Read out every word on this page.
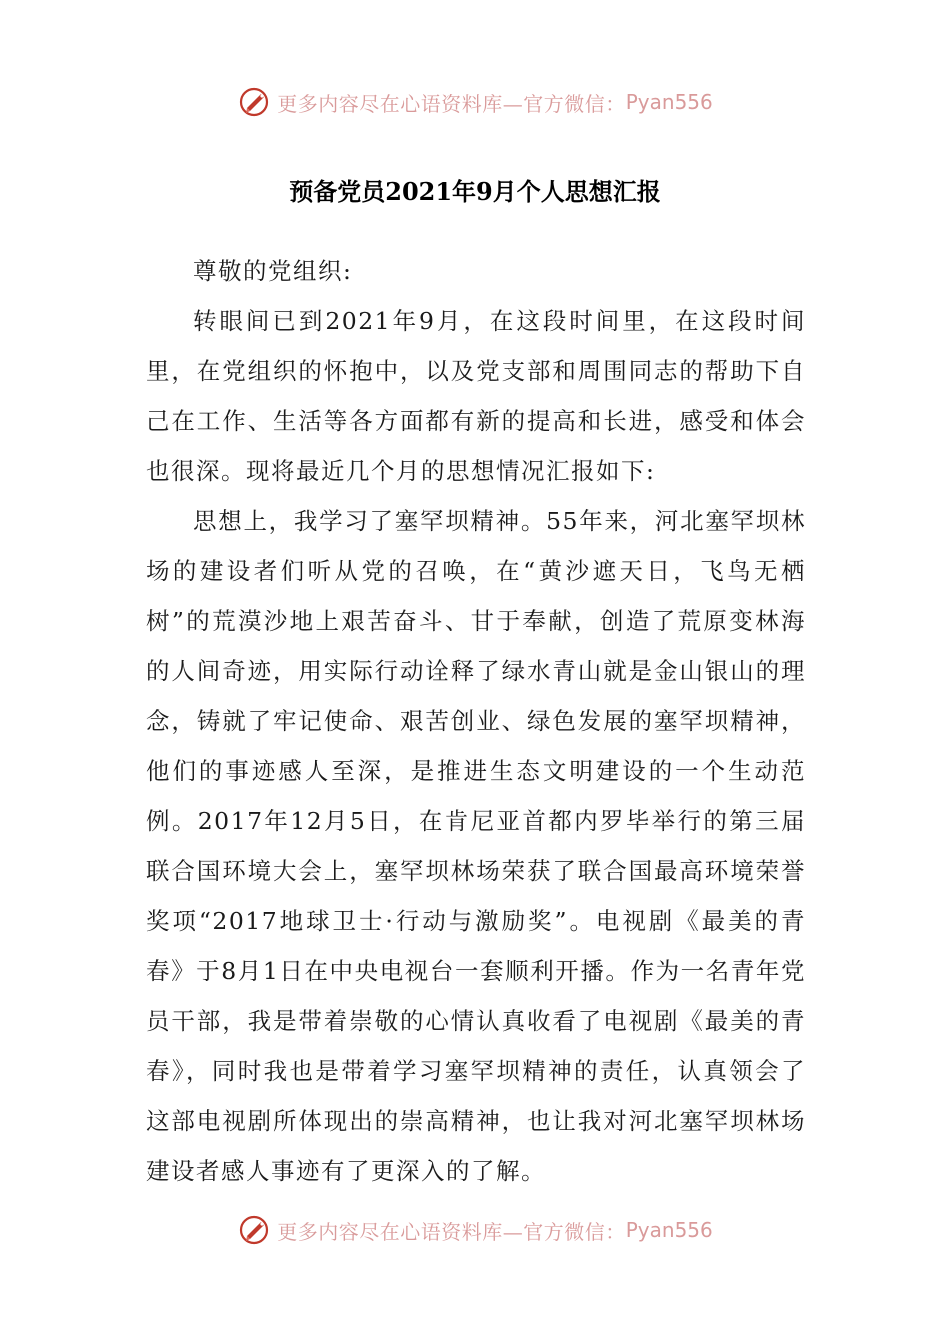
更多内容尽在心语资料库—官方微信： Pyan556
预备党员2021年9月个人思想汇报

尊敬的党组织:

转眼间已到2021年9月，在这段时间里，在这段时间里，在党组织的怀抱中，以及党支部和周围同志的帮助下自己在工作、生活等各方面都有新的提高和长进，感受和体会也很深。现将最近几个月的思想情况汇报如下:

思想上，我学习了塞罕坝精神。55年来，河北塞罕坝林场的建设者们听从党的召唤，在“黄沙遮天日，飞鸟无栖树”的荒漠沙地上艰苦奋斗、甘于奉献，创造了荒原变林海的人间奇迹，用实际行动诠释了绿水青山就是金山银山的理念，铸就了牢记使命、艰苦创业、绿色发展的塞罕坝精神，他们的事迹感人至深，是推进生态文明建设的一个生动范例。2017年12月5日，在肯尼亚首都内罗毕举行的第三届联合国环境大会上，塞罕坝林场荣获了联合国最高环境荣誉奖项“2017地球卫士·行动与激励奖”。电视剧《最美的青春》于8月1日在中央电视台一套顺利开播。作为一名青年党员干部，我是带着崇敬的心情认真收看了电视剧《最美的青春》，同时我也是带着学习塞罕坝精神的责任，认真领会了这部电视剧所体现出的崇高精神，也让我对河北塞罕坝林场建设者感人事迹有了更深入的了解。

更多内容尽在心语资料库—官方微信： Pyan556
